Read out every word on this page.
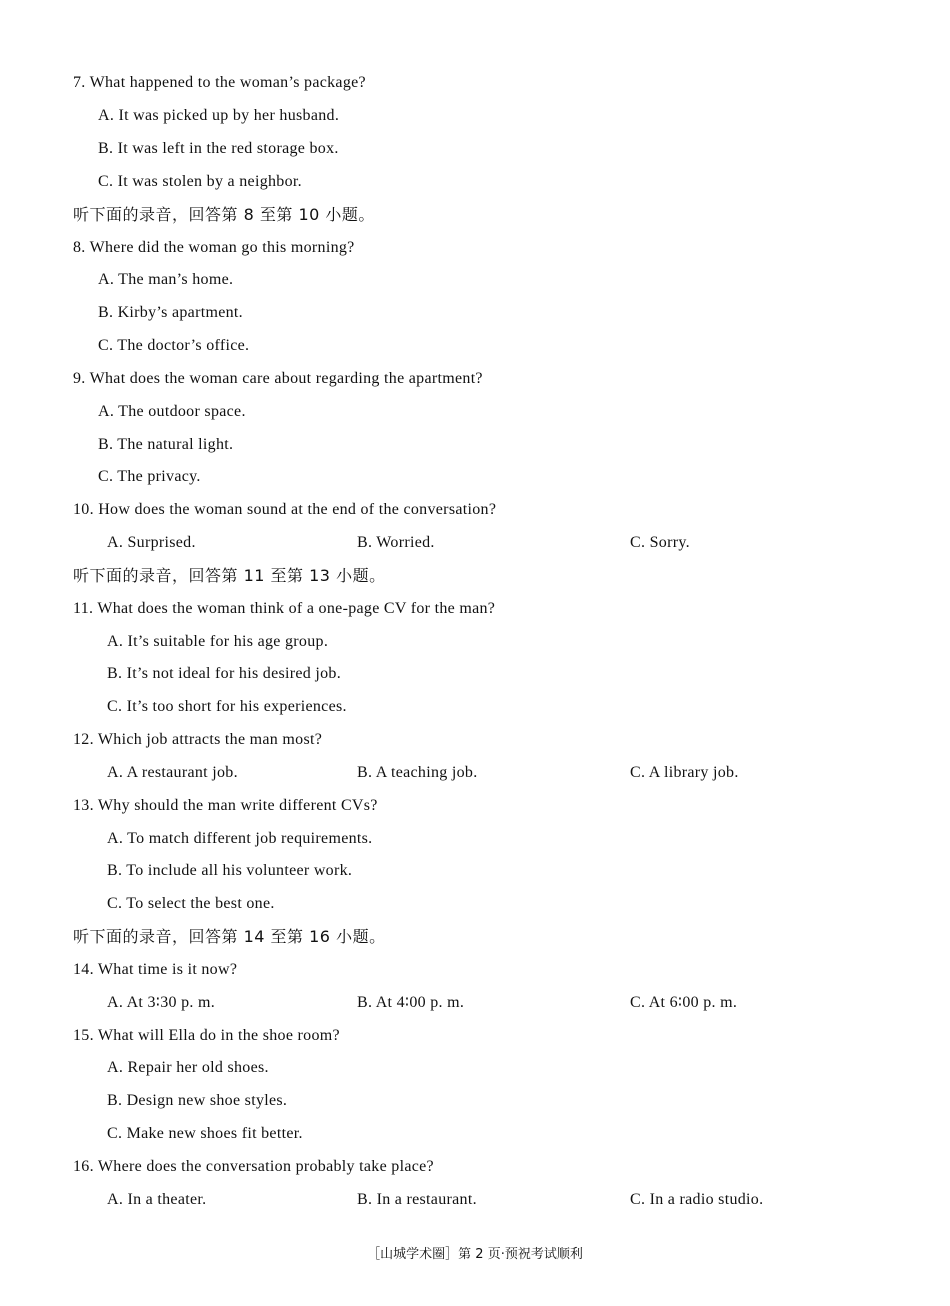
7. What happened to the woman’s package?
A. It was picked up by her husband.
B. It was left in the red storage box.
C. It was stolen by a neighbor.
听下面的录音，回答第 8 至第 10 小题。
8. Where did the woman go this morning?
A. The man’s home.
B. Kirby’s apartment.
C. The doctor’s office.
9. What does the woman care about regarding the apartment?
A. The outdoor space.
B. The natural light.
C. The privacy.
10. How does the woman sound at the end of the conversation?
A. Surprised.	B. Worried.	C. Sorry.
听下面的录音，回答第 11 至第 13 小题。
11. What does the woman think of a one-page CV for the man?
A. It’s suitable for his age group.
B. It’s not ideal for his desired job.
C. It’s too short for his experiences.
12. Which job attracts the man most?
A. A restaurant job.	B. A teaching job.	C. A library job.
13. Why should the man write different CVs?
A. To match different job requirements.
B. To include all his volunteer work.
C. To select the best one.
听下面的录音，回答第 14 至第 16 小题。
14. What time is it now?
A. At 3∶30 p. m.	B. At 4∶00 p. m.	C. At 6∶00 p. m.
15. What will Ella do in the shoe room?
A. Repair her old shoes.
B. Design new shoe styles.
C. Make new shoes fit better.
16. Where does the conversation probably take place?
A. In a theater.	B. In a restaurant.	C. In a radio studio.
［山城学术圈］第 2 页·预祝考试顺利
